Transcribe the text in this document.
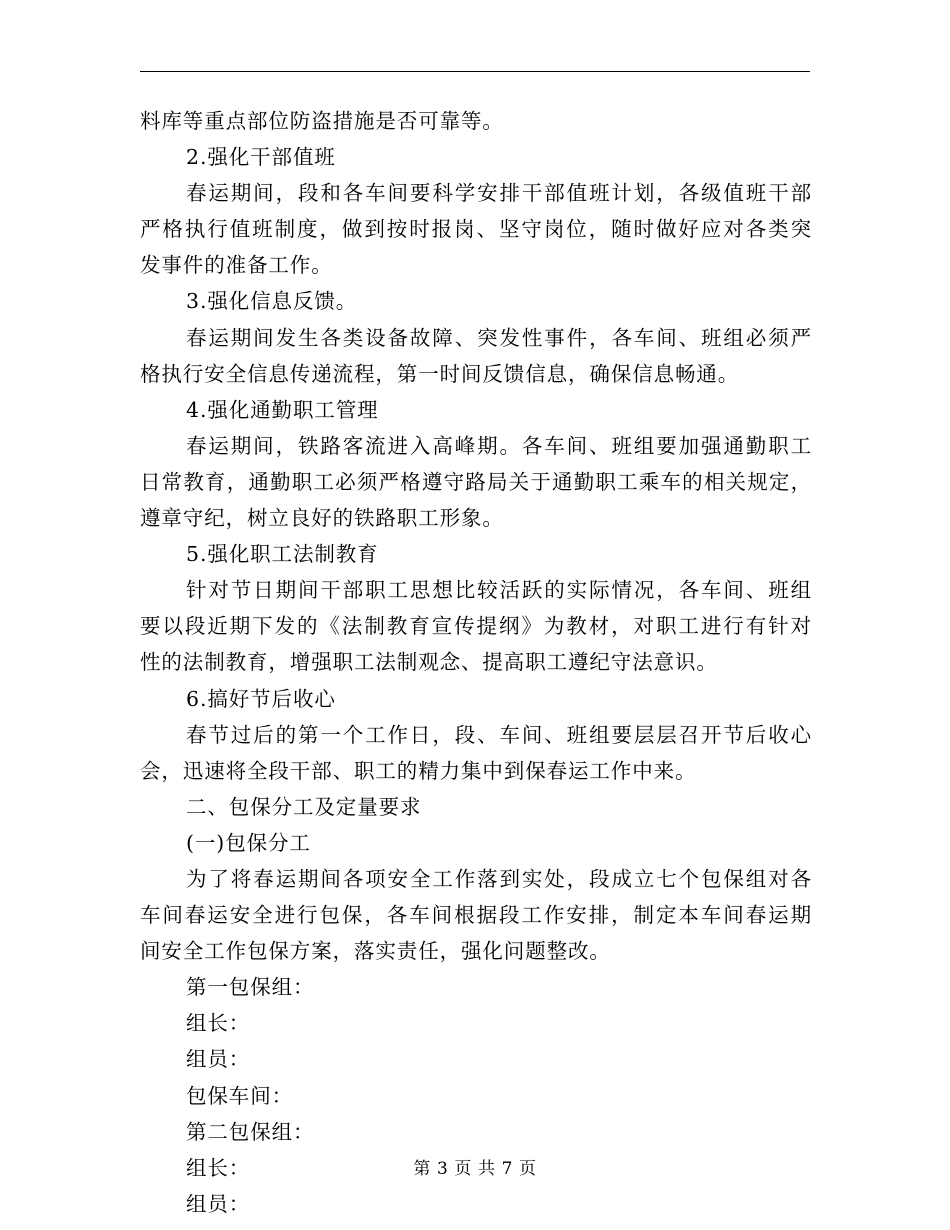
料库等重点部位防盗措施是否可靠等。
2.强化干部值班
春运期间，段和各车间要科学安排干部值班计划，各级值班干部
严格执行值班制度，做到按时报岗、坚守岗位，随时做好应对各类突
发事件的准备工作。
3.强化信息反馈。
春运期间发生各类设备故障、突发性事件，各车间、班组必须严
格执行安全信息传递流程，第一时间反馈信息，确保信息畅通。
4.强化通勤职工管理
春运期间，铁路客流进入高峰期。各车间、班组要加强通勤职工
日常教育，通勤职工必须严格遵守路局关于通勤职工乘车的相关规定，
遵章守纪，树立良好的铁路职工形象。
5.强化职工法制教育
针对节日期间干部职工思想比较活跃的实际情况，各车间、班组
要以段近期下发的《法制教育宣传提纲》为教材，对职工进行有针对
性的法制教育，增强职工法制观念、提高职工遵纪守法意识。
6.搞好节后收心
春节过后的第一个工作日，段、车间、班组要层层召开节后收心
会，迅速将全段干部、职工的精力集中到保春运工作中来。
二、包保分工及定量要求
(一)包保分工
为了将春运期间各项安全工作落到实处，段成立七个包保组对各
车间春运安全进行包保，各车间根据段工作安排，制定本车间春运期
间安全工作包保方案，落实责任，强化问题整改。
第一包保组：
组长：
组员：
包保车间：
第二包保组：
组长：
组员：
第 3 页 共 7 页
